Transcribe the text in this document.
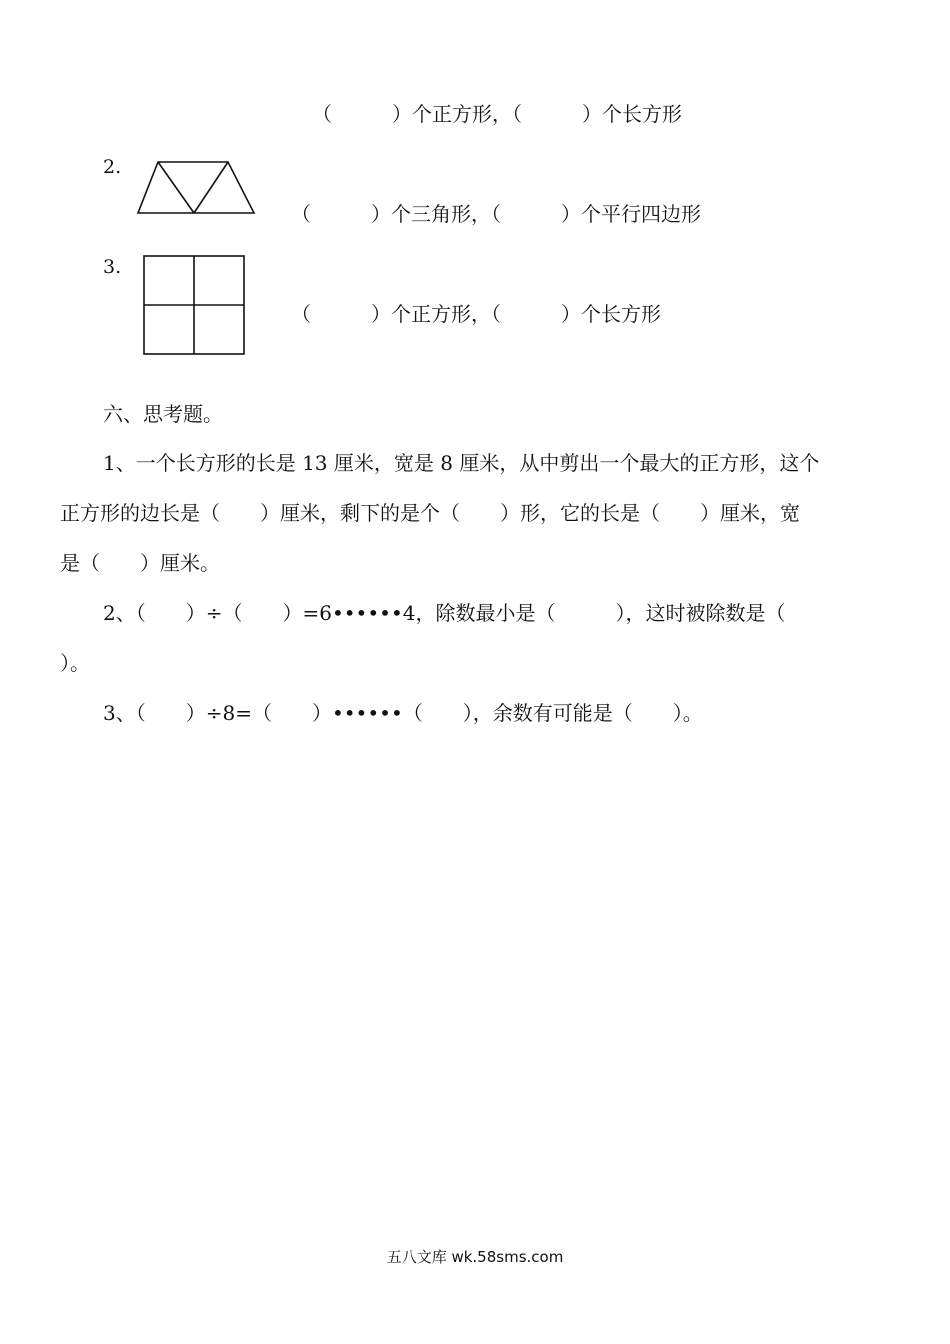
（　　　）个正方形，（　　　）个长方形
2.
（　　　）个三角形，（　　　）个平行四边形
3.
（　　　）个正方形，（　　　）个长方形
六、思考题。
1、一个长方形的长是 13 厘米，宽是 8 厘米，从中剪出一个最大的正方形，这个
正方形的边长是（　　）厘米，剩下的是个（　　）形，它的长是（　　）厘米，宽
是（　　）厘米。
2、（　　）÷（　　）=6••••••4，除数最小是（　　　），这时被除数是（
）。
3、（　　）÷8=（　　）••••••（　　），余数有可能是（　　）。
五八文库 wk.58sms.com
